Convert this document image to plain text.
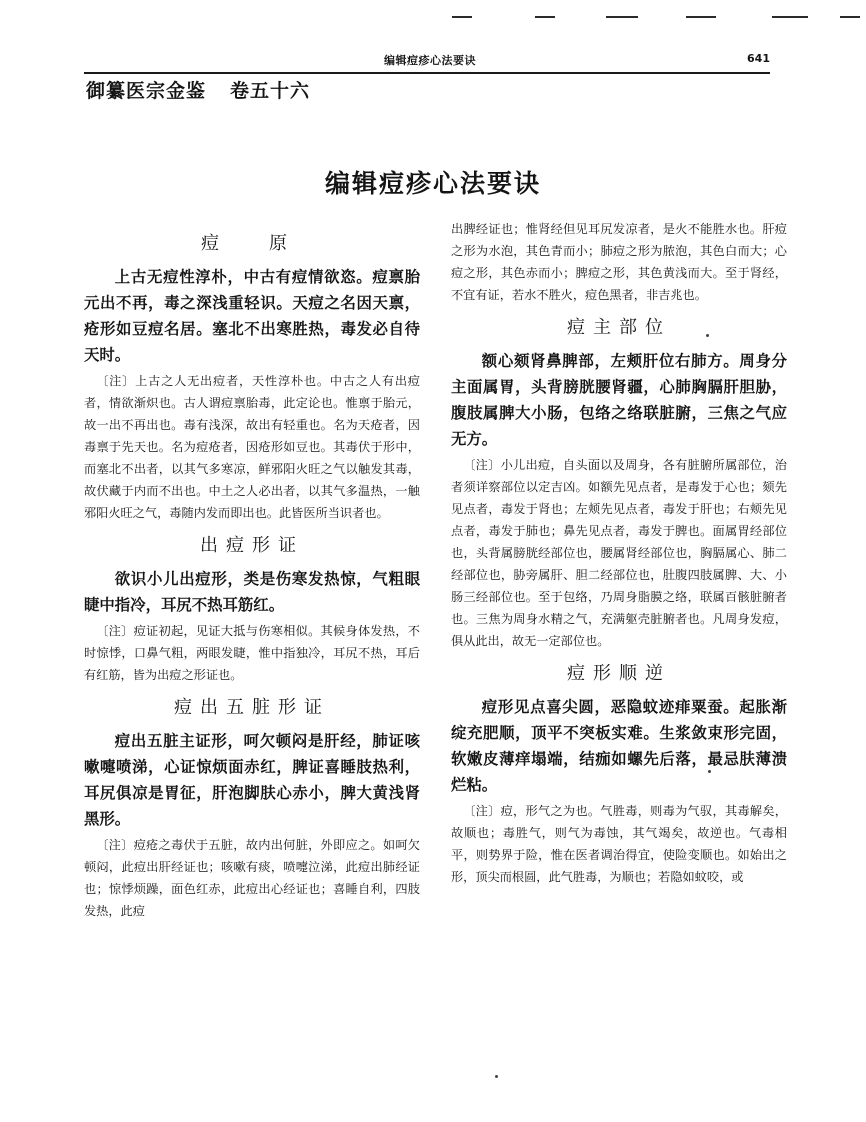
编辑痘疹心法要诀	641
御纂医宗金鉴 卷五十六
编辑痘疹心法要诀
痘　原
上古无痘性淳朴，中古有痘情欲恣。痘禀胎元出不再，毒之深浅重轻识。天痘之名因天禀，疮形如豆痘名居。塞北不出寒胜热，毒发必自待天时。
〔注〕上古之人无出痘者，天性淳朴也。中古之人有出痘者，情欲渐炽也。古人谓痘禀胎毒，此定论也。惟禀于胎元，故一出不再出也。毒有浅深，故出有轻重也。名为天疮者，因毒禀于先天也。名为痘疮者，因疮形如豆也。其毒伏于形中，而塞北不出者，以其气多寒凉，鲜邪阳火旺之气以触发其毒，故伏藏于内而不出也。中土之人必出者，以其气多温热，一触邪阳火旺之气，毒随内发而即出也。此皆医所当识者也。
出痘形证
欲识小儿出痘形，类是伤寒发热惊，气粗眼睫中指冷，耳尻不热耳筋红。
〔注〕痘证初起，见证大抵与伤寒相似。其候身体发热，不时惊悸，口鼻气粗，两眼发睫，惟中指独冷，耳尻不热，耳后有红筋，皆为出痘之形证也。
痘出五脏形证
痘出五脏主证形，呵欠顿闷是肝经，肺证咳嗽嚏喷涕，心证惊烦面赤红，脾证喜睡肢热利，耳尻俱凉是胃征，肝泡脚肤心赤小，脾大黄浅肾黑形。
〔注〕痘疮之毒伏于五脏，故内出何脏，外即应之。如呵欠顿闷，此痘出肝经证也；咳嗽有痰，喷嚏泣涕，此痘出肺经证也；惊悸烦躁，面色红赤，此痘出心经证也；喜睡自利，四肢发热，此痘
出脾经证也；惟肾经但见耳尻发凉者，是火不能胜水也。肝痘之形为水泡，其色青而小；肺痘之形为脓泡，其色白而大；心痘之形，其色赤而小；脾痘之形，其色黄浅而大。至于肾经，不宜有证，若水不胜火，痘色黑者，非吉兆也。
痘主部位
额心颏肾鼻脾部，左颊肝位右肺方。周身分主面属胃，头背膀胱腰肾疆，心肺胸膈肝胆胁，腹肢属脾大小肠，包络之络联脏腑，三焦之气应无方。
〔注〕小儿出痘，自头面以及周身，各有脏腑所属部位，治者须详察部位以定吉凶。如额先见点者，是毒发于心也；颏先见点者，毒发于肾也；左颊先见点者，毒发于肝也；右颊先见点者，毒发于肺也；鼻先见点者，毒发于脾也。面属胃经部位也，头背属膀胱经部位也，腰属肾经部位也，胸膈属心、肺二经部位也，胁旁属肝、胆二经部位也，肚腹四肢属脾、大、小肠三经部位也。至于包络，乃周身脂膜之络，联属百骸脏腑者也。三焦为周身水精之气，充满躯壳脏腑者也。凡周身发痘，俱从此出，故无一定部位也。
痘形顺逆
痘形见点喜尖圆，恶隐蚊迹痱粟蚕。起胀渐绽充肥顺，顶平不突板实难。生浆敛束形完固，软嫩皮薄痒塌端，结痂如螺先后落，最忌肤薄溃烂粘。
〔注〕痘，形气之为也。气胜毒，则毒为气驭，其毒解矣，故顺也；毒胜气，则气为毒蚀，其气竭矣，故逆也。气毒相平，则势界于险，惟在医者调治得宜，使险变顺也。如始出之形，顶尖而根圆，此气胜毒，为顺也；若隐如蚊咬，或
